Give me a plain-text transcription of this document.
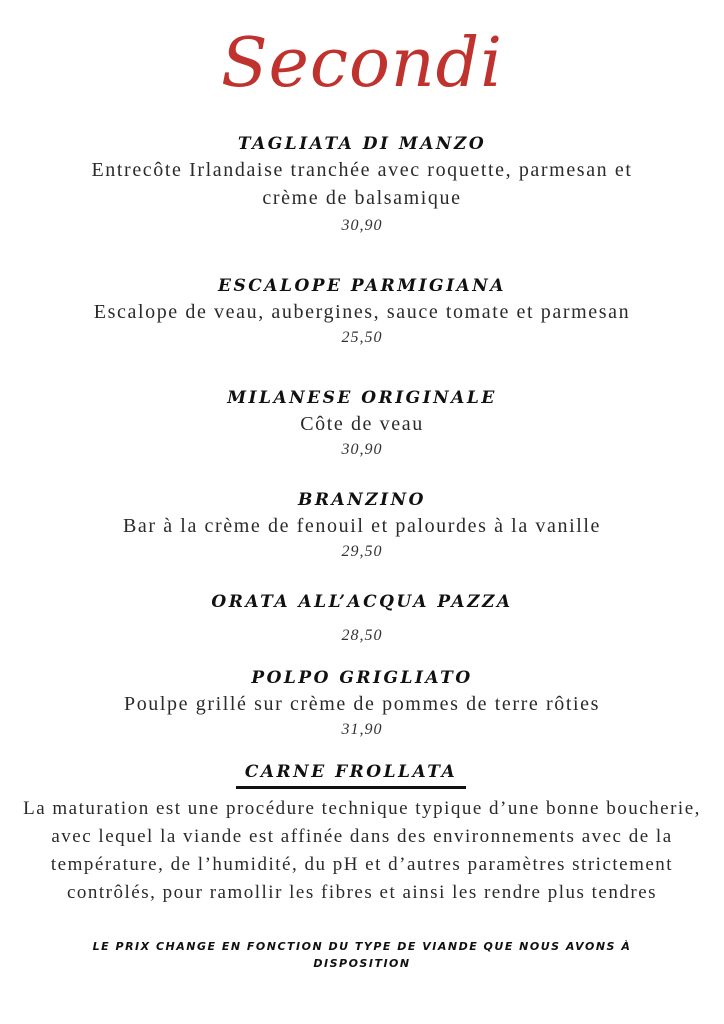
Secondi
TAGLIATA DI MANZO
Entrecôte Irlandaise tranchée avec roquette, parmesan et crème de balsamique
30,90
ESCALOPE PARMIGIANA
Escalope de veau, aubergines, sauce tomate et parmesan
25,50
MILANESE ORIGINALE
Côte de veau
30,90
BRANZINO
Bar à la crème de fenouil et palourdes à la vanille
29,50
ORATA ALL’ACQUA PAZZA
28,50
POLPO GRIGLIATO
Poulpe grillé sur crème de pommes de terre rôties
31,90
CARNE FROLLATA
La maturation est une procédure technique typique d’une bonne boucherie, avec lequel la viande est affinée dans des environnements avec de la température, de l’humidité, du pH et d’autres paramètres strictement contrôlés, pour ramollir les fibres et ainsi les rendre plus tendres
LE PRIX CHANGE EN FONCTION DU TYPE DE VIANDE QUE NOUS AVONS À DISPOSITION
